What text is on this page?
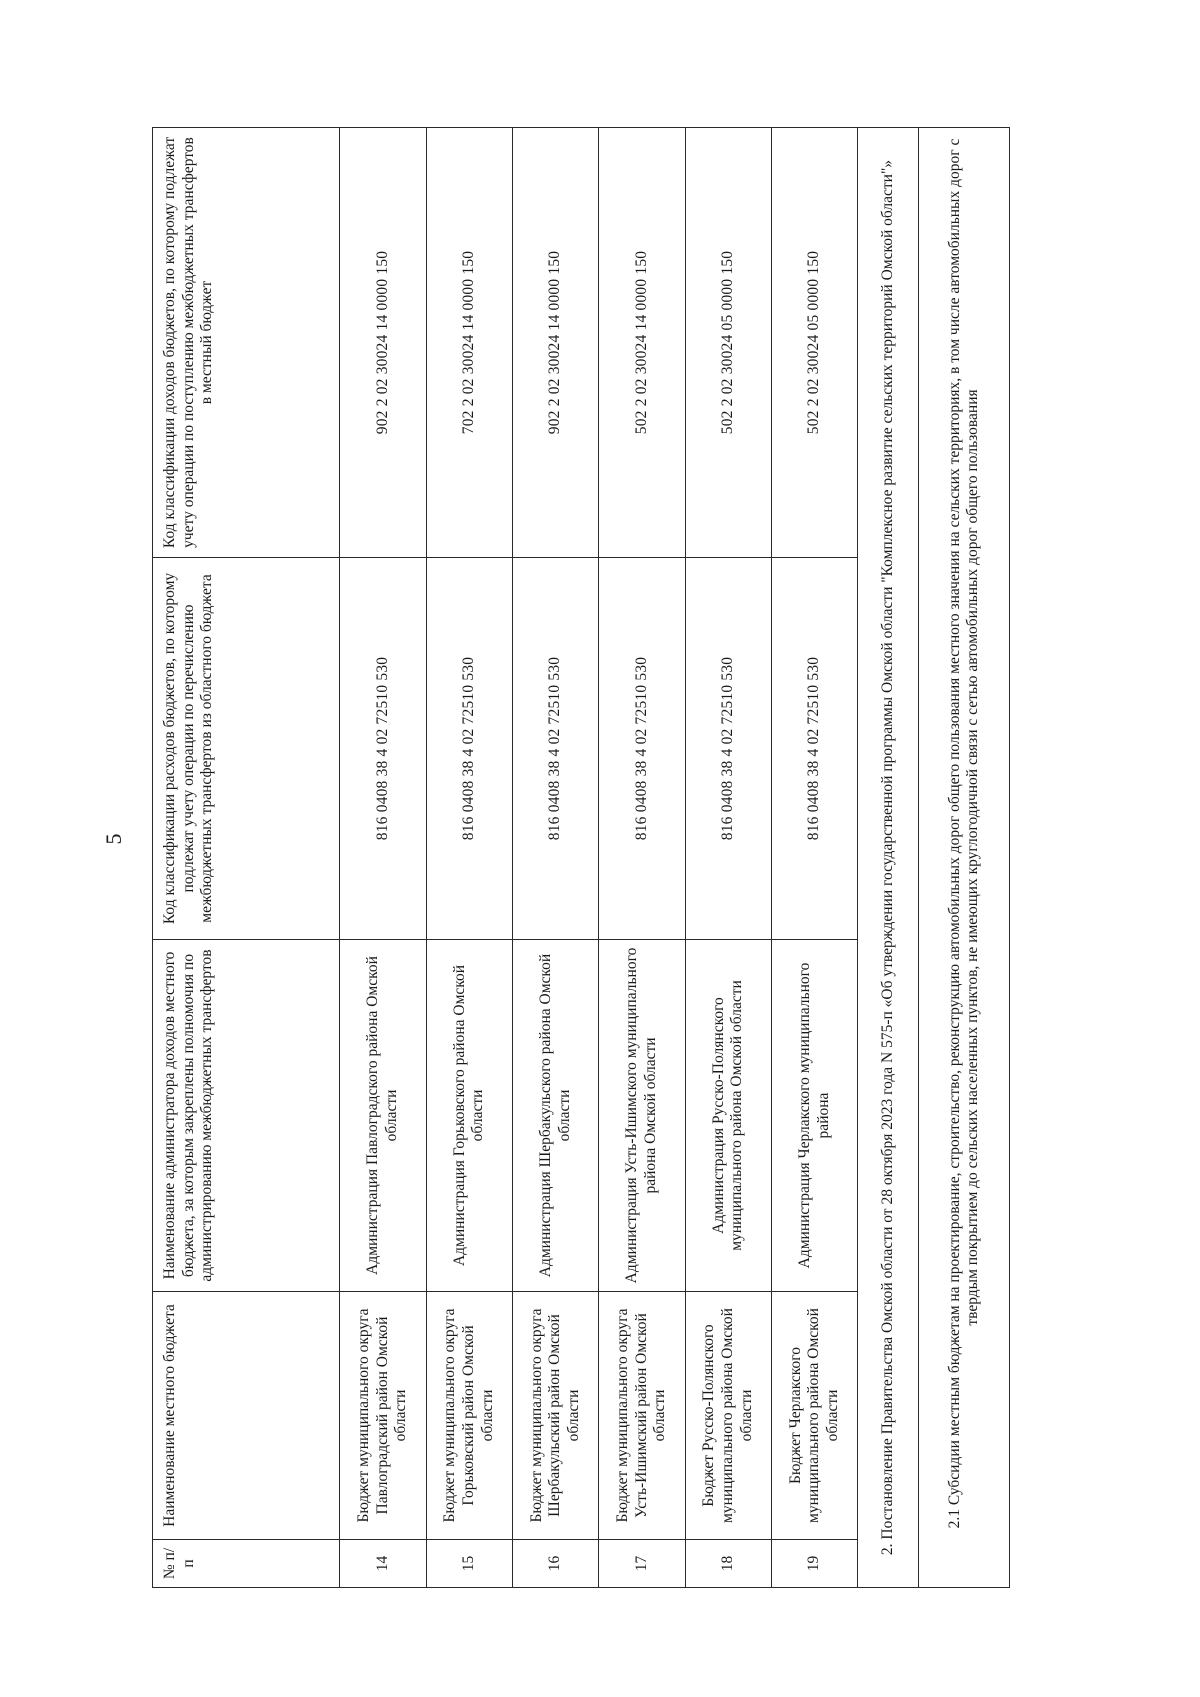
5
№ п/п	Наименование местного бюджета	Наименование администратора доходов местного бюджета, за которым закреплены полномочия по администрированию межбюджетных трансфертов	Код классификации расходов бюджетов, по которому подлежат учету операции по перечислению межбюджетных трансфертов из областного бюджета	Код классификации доходов бюджетов, по которому подлежат учету операции по поступлению межбюджетных трансфертов в местный бюджет
14	Бюджет муниципального округа Павлоградский район Омской области	Администрация Павлоградского района Омской области	816 0408 38 4 02 72510 530	902 2 02 30024 14 0000 150
15	Бюджет муниципального округа Горьковский район Омской области	Администрация Горьковского района Омской области	816 0408 38 4 02 72510 530	702 2 02 30024 14 0000 150
16	Бюджет муниципального округа Шербакульский район Омской области	Администрация Шербакульского района Омской области	816 0408 38 4 02 72510 530	902 2 02 30024 14 0000 150
17	Бюджет муниципального округа Усть-Ишимский район Омской области	Администрация Усть-Ишимского муниципального района Омской области	816 0408 38 4 02 72510 530	502 2 02 30024 14 0000 150
18	Бюджет Русско-Полянского муниципального района Омской области	Администрация Русско-Полянского муниципального района Омской области	816 0408 38 4 02 72510 530	502 2 02 30024 05 0000 150
19	Бюджет Черлакского муниципального района Омской области	Администрация Черлакского муниципального района	816 0408 38 4 02 72510 530	502 2 02 30024 05 0000 150
2. Постановление Правительства Омской области от 28 октября 2023 года N 575-п «Об утверждении государственной программы Омской области "Комплексное развитие сельских территорий Омской области"»				
2.1 Субсидии местным бюджетам на проектирование, строительство, реконструкцию автомобильных дорог общего пользования местного значения на сельских территориях, в том числе автомобильных дорог с твердым покрытием до сельских населенных пунктов, не имеющих круглогодичной связи с сетью автомобильных дорог общего пользования				
